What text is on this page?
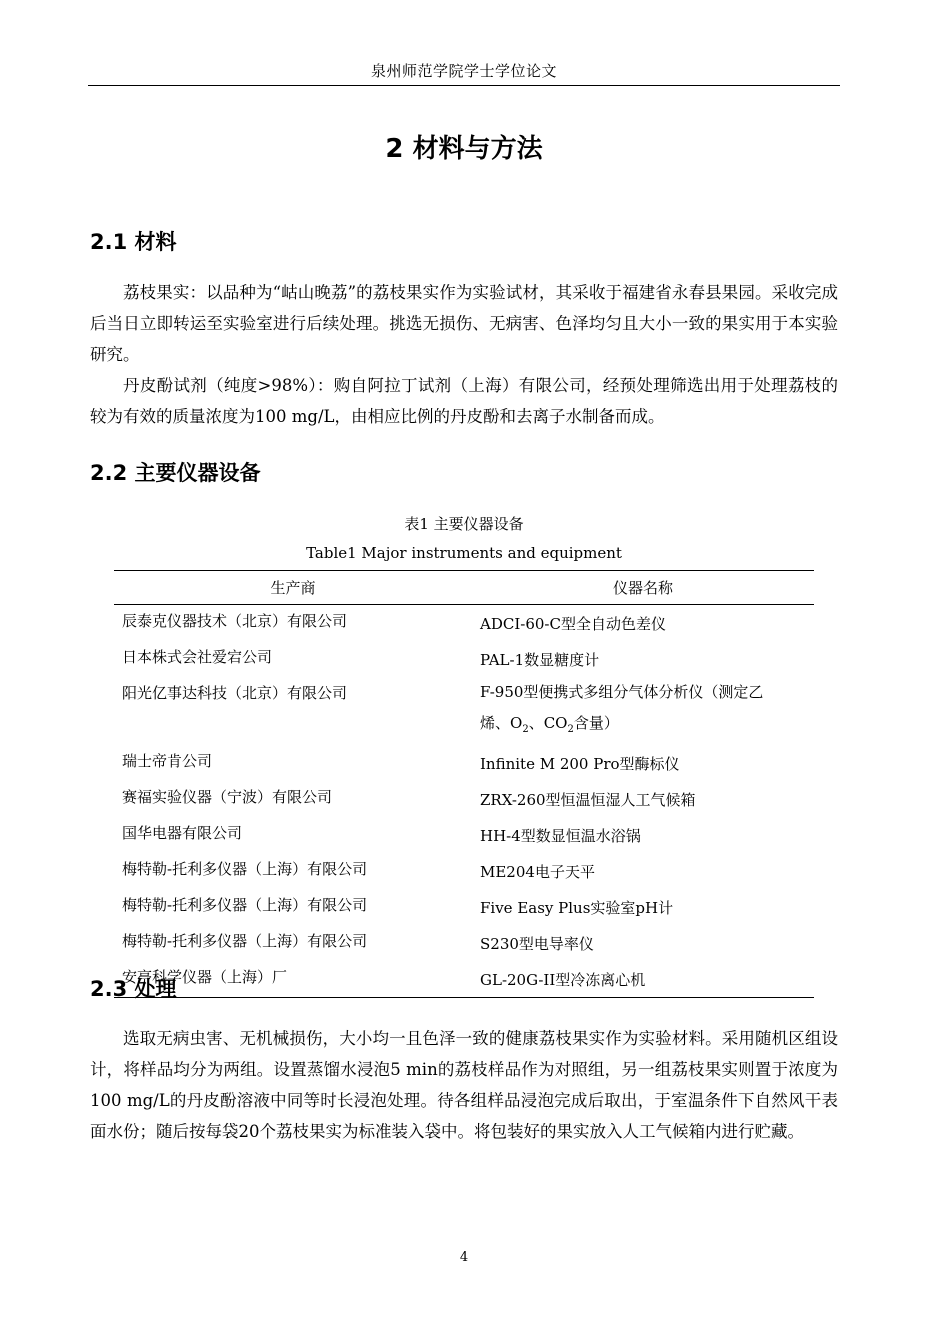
泉州师范学院学士学位论文
2 材料与方法
2.1 材料

荔枝果实：以品种为“岵山晚荔”的荔枝果实作为实验试材，其采收于福建省永春县果园。采收完成后当日立即转运至实验室进行后续处理。挑选无损伤、无病害、色泽均匀且大小一致的果实用于本实验研究。

丹皮酚试剂（纯度>98%）：购自阿拉丁试剂（上海）有限公司，经预处理筛选出用于处理荔枝的较为有效的质量浓度为100 mg/L，由相应比例的丹皮酚和去离子水制备而成。

2.2 主要仪器设备
表1 主要仪器设备
Table1 Major instruments and equipment
生产商	仪器名称
辰泰克仪器技术（北京）有限公司	ADCI-60-C型全自动色差仪
日本株式会社爱宕公司	PAL-1数显糖度计
阳光亿事达科技（北京）有限公司	F-950型便携式多组分气体分析仪（测定乙
烯、$O_2$、$CO_2$含量）
瑞士帝肯公司	Infinite M 200 Pro型酶标仪
赛福实验仪器（宁波）有限公司	ZRX-260型恒温恒湿人工气候箱
国华电器有限公司	HH-4型数显恒温水浴锅
梅特勒-托利多仪器（上海）有限公司	ME204电子天平
梅特勒-托利多仪器（上海）有限公司	Five Easy Plus实验室pH计
梅特勒-托利多仪器（上海）有限公司	S230型电导率仪
安亭科学仪器（上海）厂	GL-20G-II型冷冻离心机
2.3 处理

选取无病虫害、无机械损伤，大小均一且色泽一致的健康荔枝果实作为实验材料。采用随机区组设计，将样品均分为两组。设置蒸馏水浸泡5 min的荔枝样品作为对照组，另一组荔枝果实则置于浓度为100 mg/L的丹皮酚溶液中同等时长浸泡处理。待各组样品浸泡完成后取出，于室温条件下自然风干表面水份；随后按每袋20个荔枝果实为标准装入袋中。将包装好的果实放入人工气候箱内进行贮藏。

4
